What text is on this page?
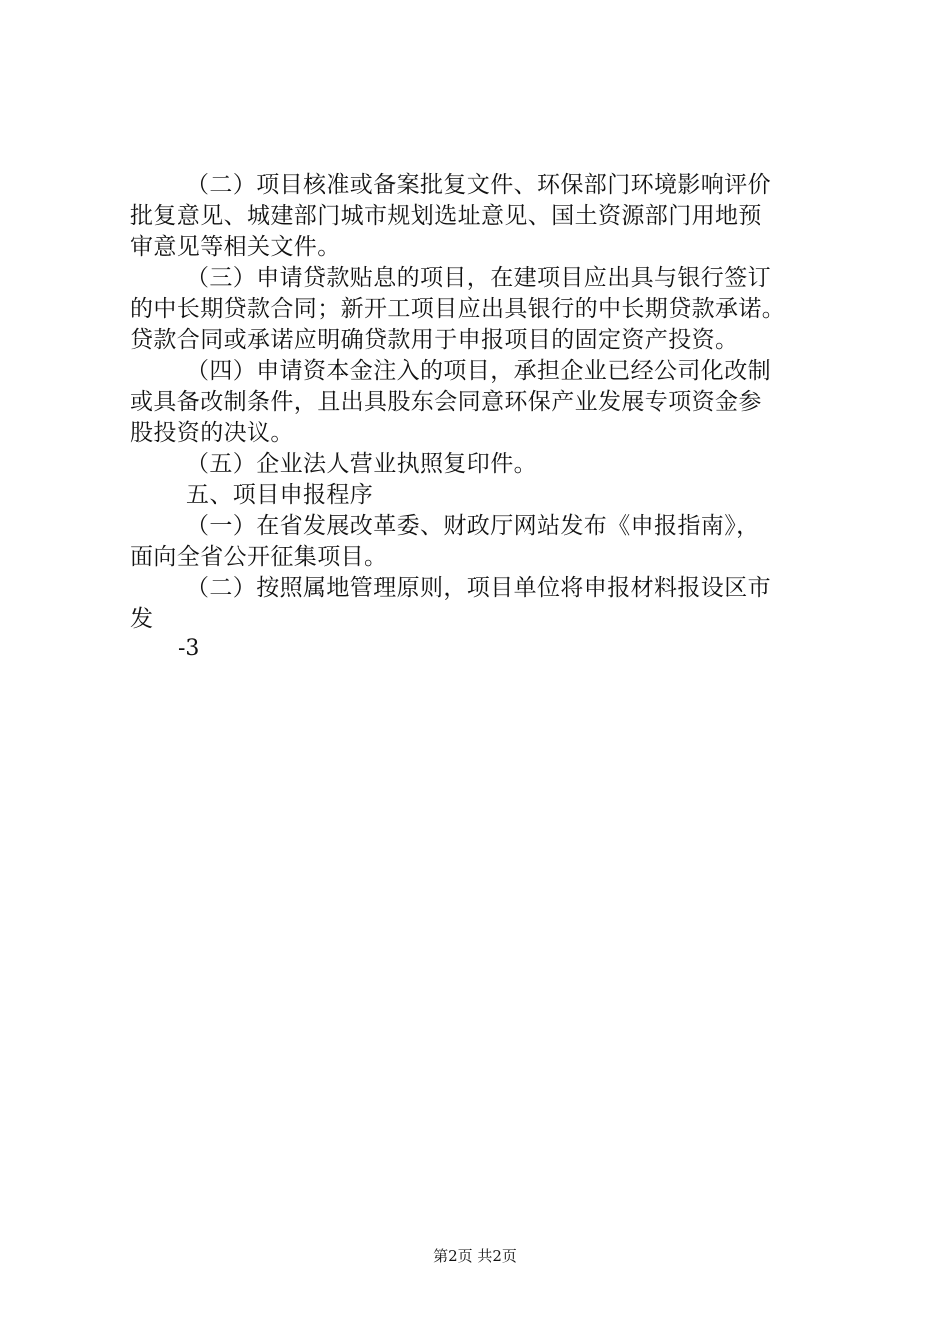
（二）项目核准或备案批复文件、环保部门环境影响评价
批复意见、城建部门城市规划选址意见、国土资源部门用地预
审意见等相关文件。
（三）申请贷款贴息的项目，在建项目应出具与银行签订
的中长期贷款合同；新开工项目应出具银行的中长期贷款承诺。
贷款合同或承诺应明确贷款用于申报项目的固定资产投资。
（四）申请资本金注入的项目，承担企业已经公司化改制
或具备改制条件，且出具股东会同意环保产业发展专项资金参
股投资的决议。
（五）企业法人营业执照复印件。
五、项目申报程序
（一）在省发展改革委、财政厅网站发布《申报指南》，
面向全省公开征集项目。
（二）按照属地管理原则，项目单位将申报材料报设区市
发
-3
第2页 共2页
